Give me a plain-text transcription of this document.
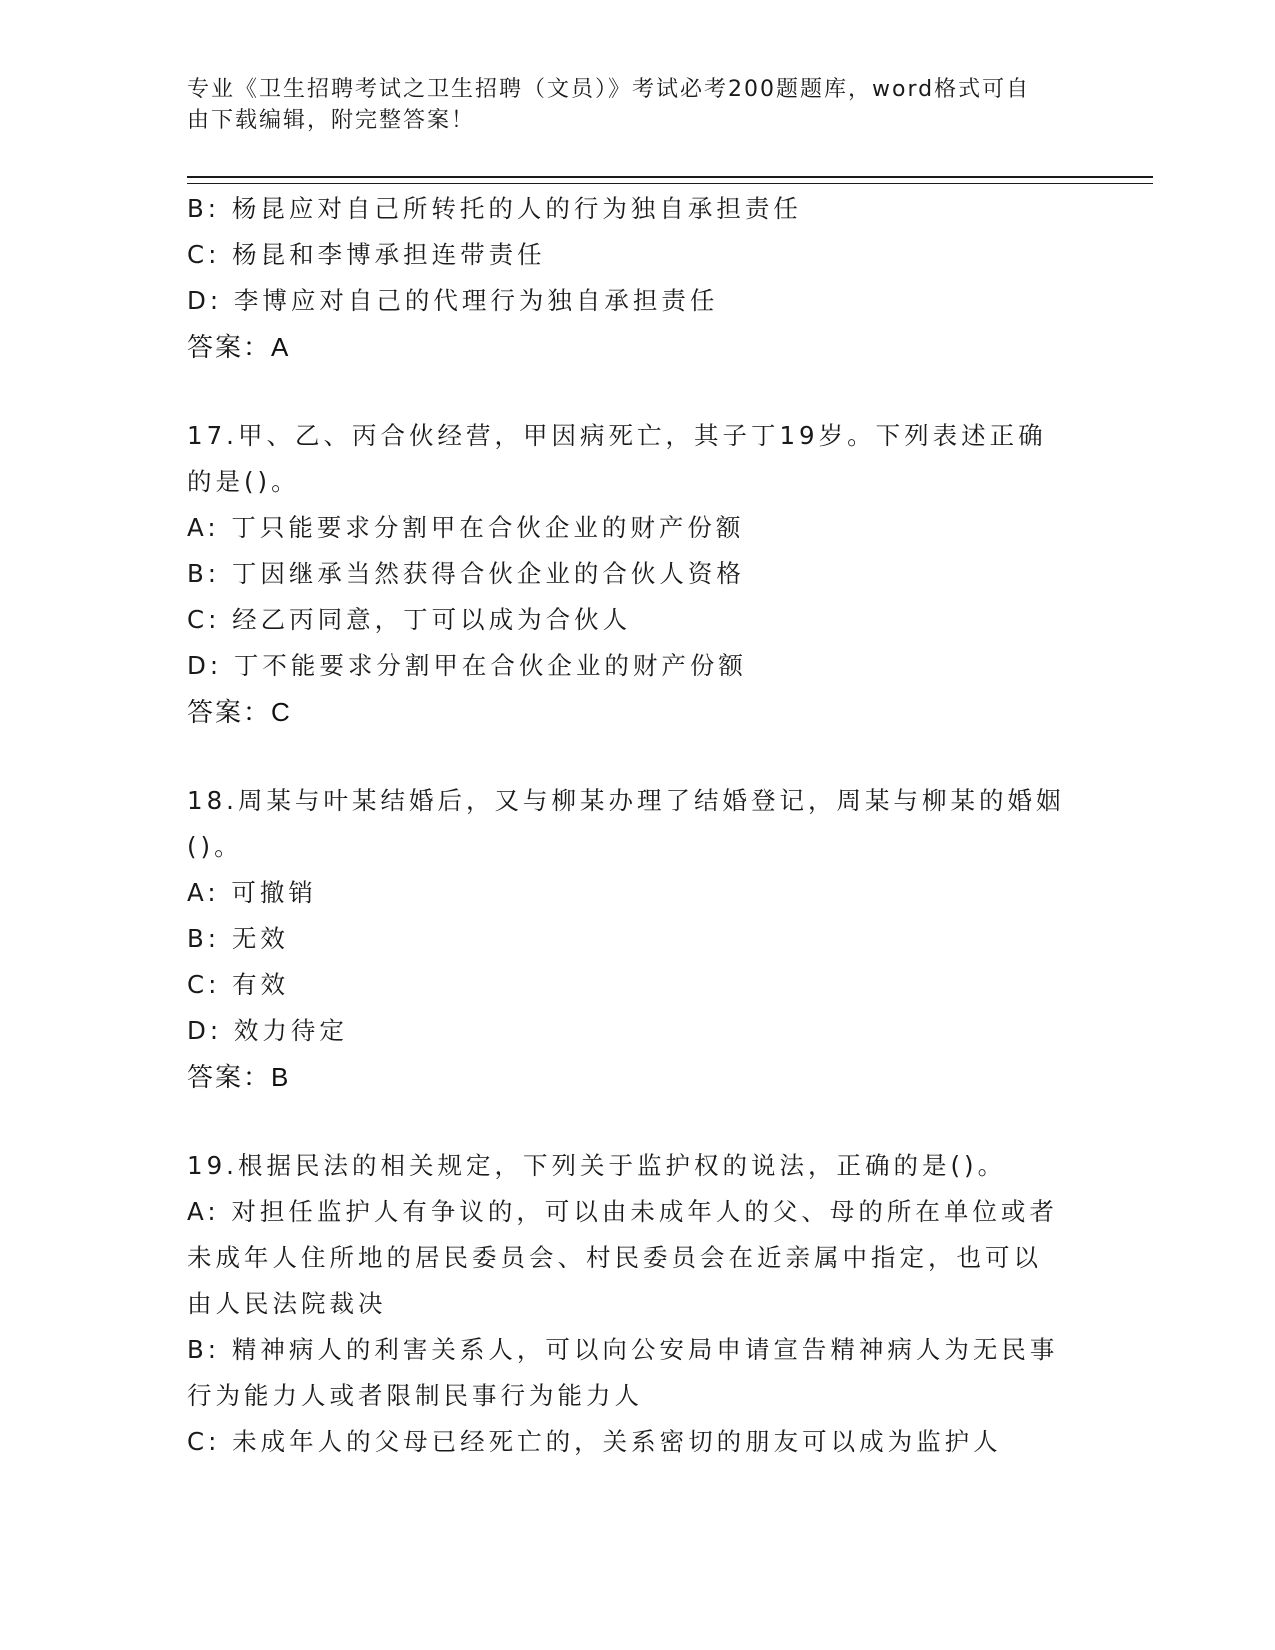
专业《卫生招聘考试之卫生招聘（文员）》考试必考200题题库，word格式可自
由下载编辑，附完整答案！
B: 杨昆应对自己所转托的人的行为独自承担责任
C: 杨昆和李博承担连带责任
D: 李博应对自己的代理行为独自承担责任
答案：A
17.甲、乙、丙合伙经营，甲因病死亡，其子丁19岁。下列表述正确
的是()。
A: 丁只能要求分割甲在合伙企业的财产份额
B: 丁因继承当然获得合伙企业的合伙人资格
C: 经乙丙同意，丁可以成为合伙人
D: 丁不能要求分割甲在合伙企业的财产份额
答案：C
18.周某与叶某结婚后，又与柳某办理了结婚登记，周某与柳某的婚姻
()。
A: 可撤销
B: 无效
C: 有效
D: 效力待定
答案：B
19.根据民法的相关规定，下列关于监护权的说法，正确的是()。
A: 对担任监护人有争议的，可以由未成年人的父、母的所在单位或者
未成年人住所地的居民委员会、村民委员会在近亲属中指定，也可以
由人民法院裁决
B: 精神病人的利害关系人，可以向公安局申请宣告精神病人为无民事
行为能力人或者限制民事行为能力人
C: 未成年人的父母已经死亡的，关系密切的朋友可以成为监护人
